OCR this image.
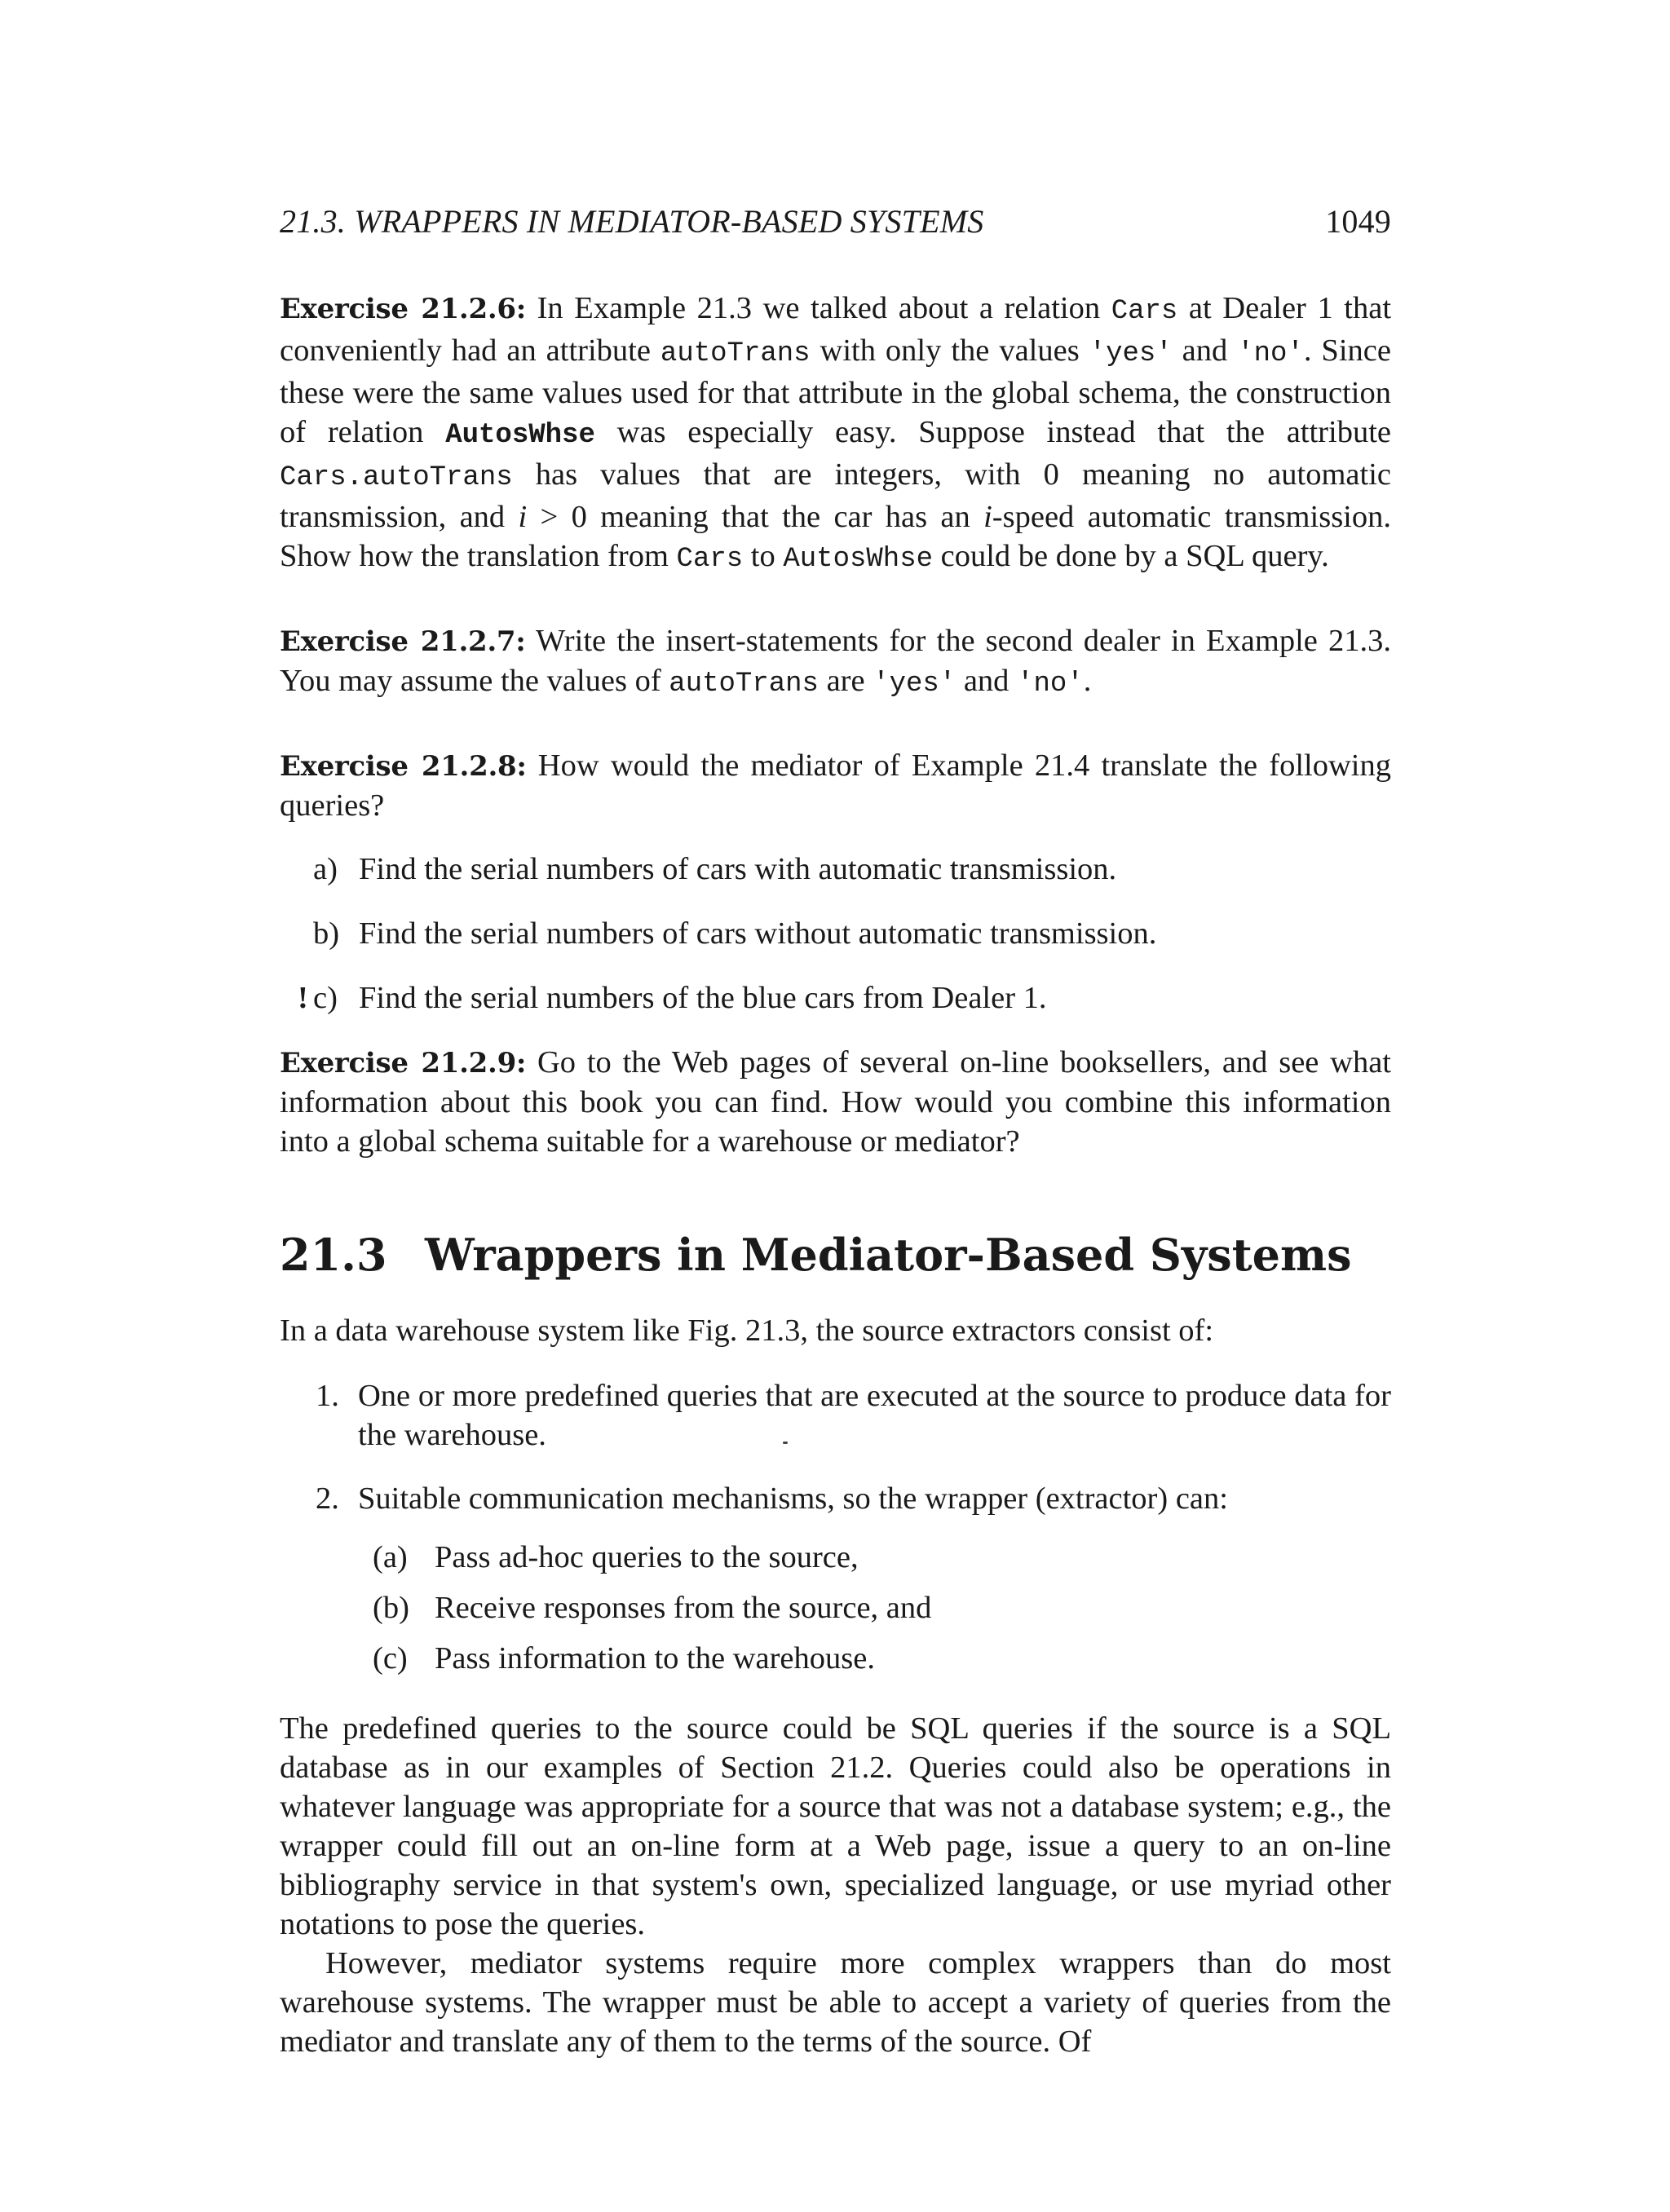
21.3. WRAPPERS IN MEDIATOR-BASED SYSTEMS	1049

Exercise 21.2.6: In Example 21.3 we talked about a relation Cars at Dealer 1 that conveniently had an attribute autoTrans with only the values 'yes' and 'no'. Since these were the same values used for that attribute in the global schema, the construction of relation AutosWhse was especially easy. Suppose instead that the attribute Cars.autoTrans has values that are integers, with 0 meaning no automatic transmission, and i > 0 meaning that the car has an i-speed automatic transmission. Show how the translation from Cars to AutosWhse could be done by a SQL query.

Exercise 21.2.7: Write the insert-statements for the second dealer in Example 21.3. You may assume the values of autoTrans are 'yes' and 'no'.

Exercise 21.2.8: How would the mediator of Example 21.4 translate the following queries?

a) Find the serial numbers of cars with automatic transmission.
b) Find the serial numbers of cars without automatic transmission.
! c) Find the serial numbers of the blue cars from Dealer 1.

Exercise 21.2.9: Go to the Web pages of several on-line booksellers, and see what information about this book you can find. How would you combine this information into a global schema suitable for a warehouse or mediator?

21.3 Wrappers in Mediator-Based Systems

In a data warehouse system like Fig. 21.3, the source extractors consist of:

1. One or more predefined queries that are executed at the source to produce data for the warehouse.
2. Suitable communication mechanisms, so the wrapper (extractor) can:
(a) Pass ad-hoc queries to the source,
(b) Receive responses from the source, and
(c) Pass information to the warehouse.

The predefined queries to the source could be SQL queries if the source is a SQL database as in our examples of Section 21.2. Queries could also be operations in whatever language was appropriate for a source that was not a database system; e.g., the wrapper could fill out an on-line form at a Web page, issue a query to an on-line bibliography service in that system's own, specialized language, or use myriad other notations to pose the queries.

However, mediator systems require more complex wrappers than do most warehouse systems. The wrapper must be able to accept a variety of queries from the mediator and translate any of them to the terms of the source. Of
